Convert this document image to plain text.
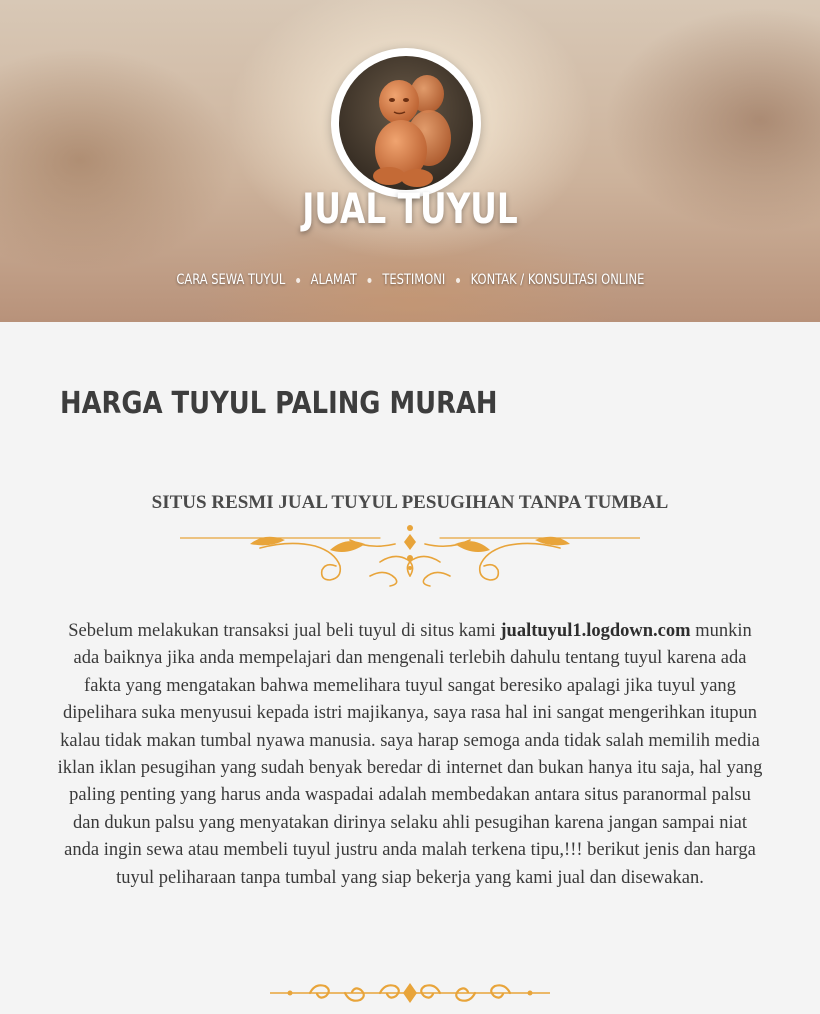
JUAL TUYUL
CARA SEWA TUYUL ALAMAT TESTIMONI KONTAK / KONSULTASI ONLINE
HARGA TUYUL PALING MURAH
SITUS RESMI JUAL TUYUL PESUGIHAN TANPA TUMBAL

Sebelum melakukan transaksi jual beli tuyul di situs kami jualtuyul1.logdown.com munkin ada baiknya jika anda mempelajari dan mengenali terlebih dahulu tentang tuyul karena ada fakta yang mengatakan bahwa memelihara tuyul sangat beresiko apalagi jika tuyul yang dipelihara suka menyusui kepada istri majikanya, saya rasa hal ini sangat mengerihkan itupun kalau tidak makan tumbal nyawa manusia. saya harap semoga anda tidak salah memilih media iklan iklan pesugihan yang sudah benyak beredar di internet dan bukan hanya itu saja, hal yang paling penting yang harus anda waspadai adalah membedakan antara situs paranormal palsu dan dukun palsu yang menyatakan dirinya selaku ahli pesugihan karena jangan sampai niat anda ingin sewa atau membeli tuyul justru anda malah terkena tipu,!!! berikut jenis dan harga tuyul peliharaan tanpa tumbal yang siap bekerja yang kami jual dan disewakan.
